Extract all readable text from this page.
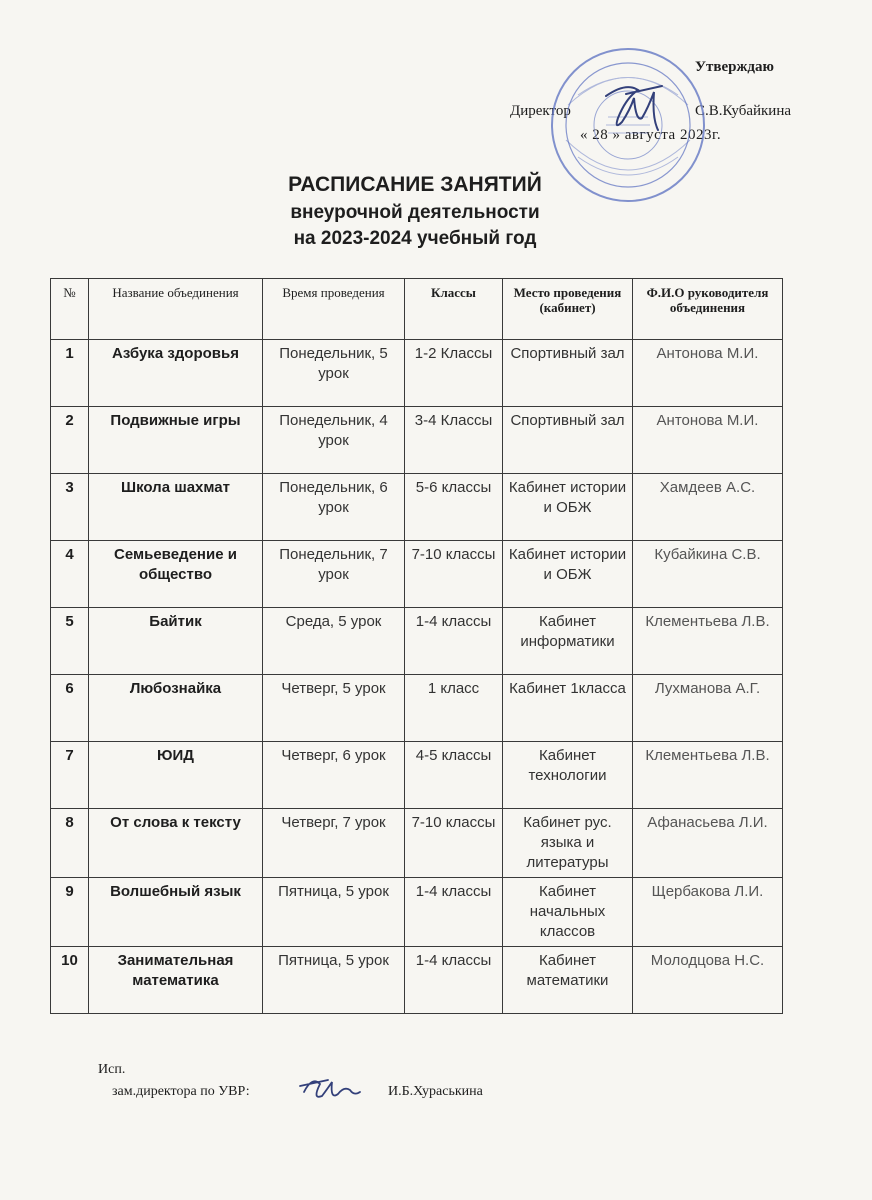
Утверждаю
Директор	С.В.Кубайкина
« 28 » августа 2023г.
РАСПИСАНИЕ ЗАНЯТИЙ
внеурочной деятельности
на 2023-2024 учебный год
№	Название объединения	Время проведения	Классы	Место проведения (кабинет)	Ф.И.О руководителя объединения
1	Азбука здоровья	Понедельник, 5 урок	1-2 Классы	Спортивный зал	Антонова М.И.
2	Подвижные игры	Понедельник, 4 урок	3-4 Классы	Спортивный зал	Антонова М.И.
3	Школа шахмат	Понедельник, 6 урок	5-6 классы	Кабинет истории и ОБЖ	Хамдеев А.С.
4	Семьеведение и общество	Понедельник, 7 урок	7-10 классы	Кабинет истории и ОБЖ	Кубайкина С.В.
5	Байтик	Среда, 5 урок	1-4 классы	Кабинет информатики	Клементьева Л.В.
6	Любознайка	Четверг, 5 урок	1 класс	Кабинет 1класса	Лухманова А.Г.
7	ЮИД	Четверг, 6 урок	4-5 классы	Кабинет технологии	Клементьева Л.В.
8	От слова к тексту	Четверг, 7 урок	7-10 классы	Кабинет рус. языка и литературы	Афанасьева Л.И.
9	Волшебный язык	Пятница, 5 урок	1-4 классы	Кабинет начальных классов	Щербакова Л.И.
10	Занимательная математика	Пятница, 5 урок	1-4 классы	Кабинет математики	Молодцова Н.С.
Исп.
зам.директора по УВР:	И.Б.Хураськина
